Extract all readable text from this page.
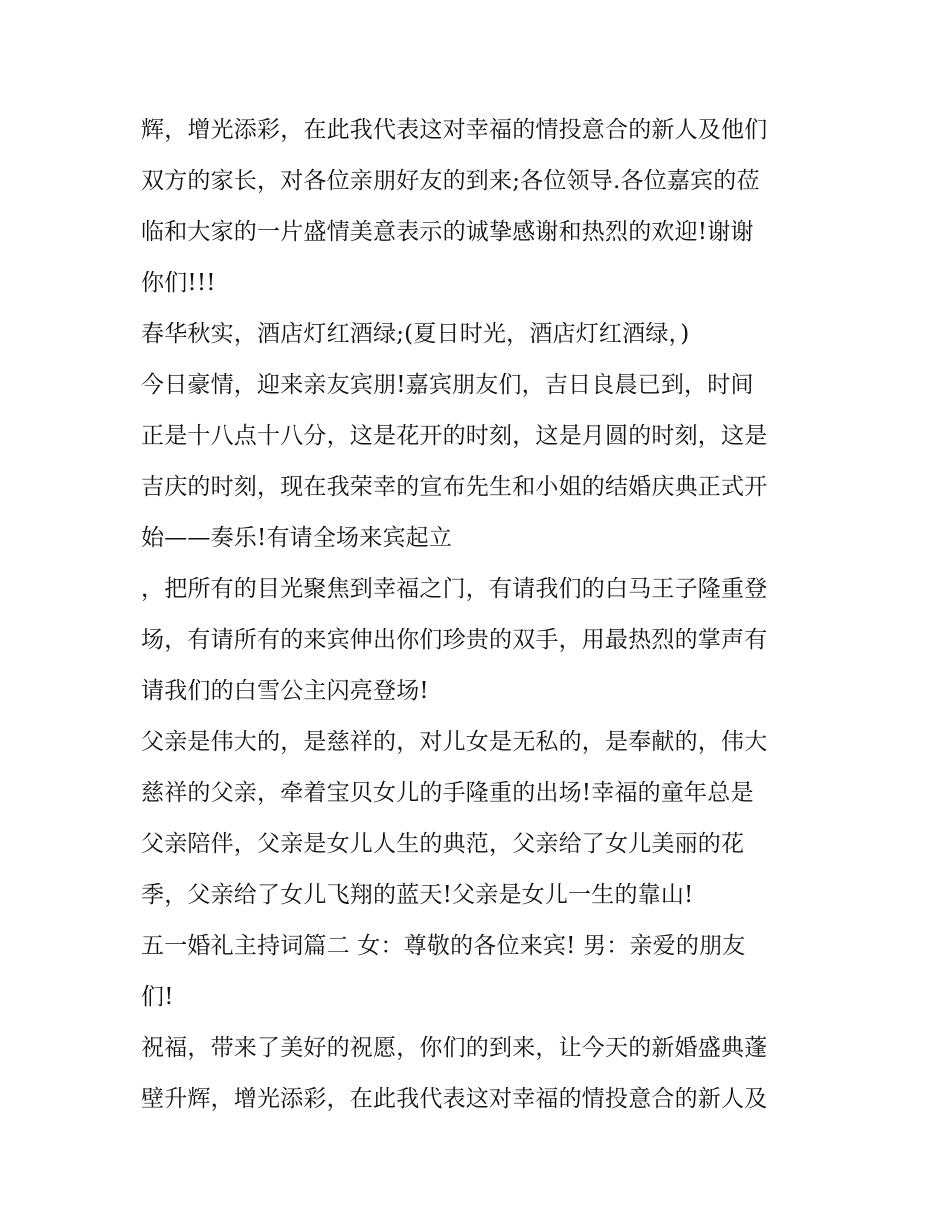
辉，增光添彩，在此我代表这对幸福的情投意合的新人及他们
双方的家长，对各位亲朋好友的到来;各位领导.各位嘉宾的莅
临和大家的一片盛情美意表示的诚挚感谢和热烈的欢迎!谢谢
你们!!!
春华秋实，酒店灯红酒绿;(夏日时光，酒店灯红酒绿，)
今日豪情，迎来亲友宾朋!嘉宾朋友们，吉日良晨已到，时间
正是十八点十八分，这是花开的时刻，这是月圆的时刻，这是
吉庆的时刻，现在我荣幸的宣布先生和小姐的结婚庆典正式开
始——奏乐!有请全场来宾起立
，把所有的目光聚焦到幸福之门，有请我们的白马王子隆重登
场，有请所有的来宾伸出你们珍贵的双手，用最热烈的掌声有
请我们的白雪公主闪亮登场!
父亲是伟大的，是慈祥的，对儿女是无私的，是奉献的，伟大
慈祥的父亲，牵着宝贝女儿的手隆重的出场!幸福的童年总是
父亲陪伴，父亲是女儿人生的典范，父亲给了女儿美丽的花
季，父亲给了女儿飞翔的蓝天!父亲是女儿一生的靠山!
五一婚礼主持词篇二 女：尊敬的各位来宾! 男：亲爱的朋友
们!
祝福，带来了美好的祝愿，你们的到来，让今天的新婚盛典蓬
壁升辉，增光添彩，在此我代表这对幸福的情投意合的新人及
